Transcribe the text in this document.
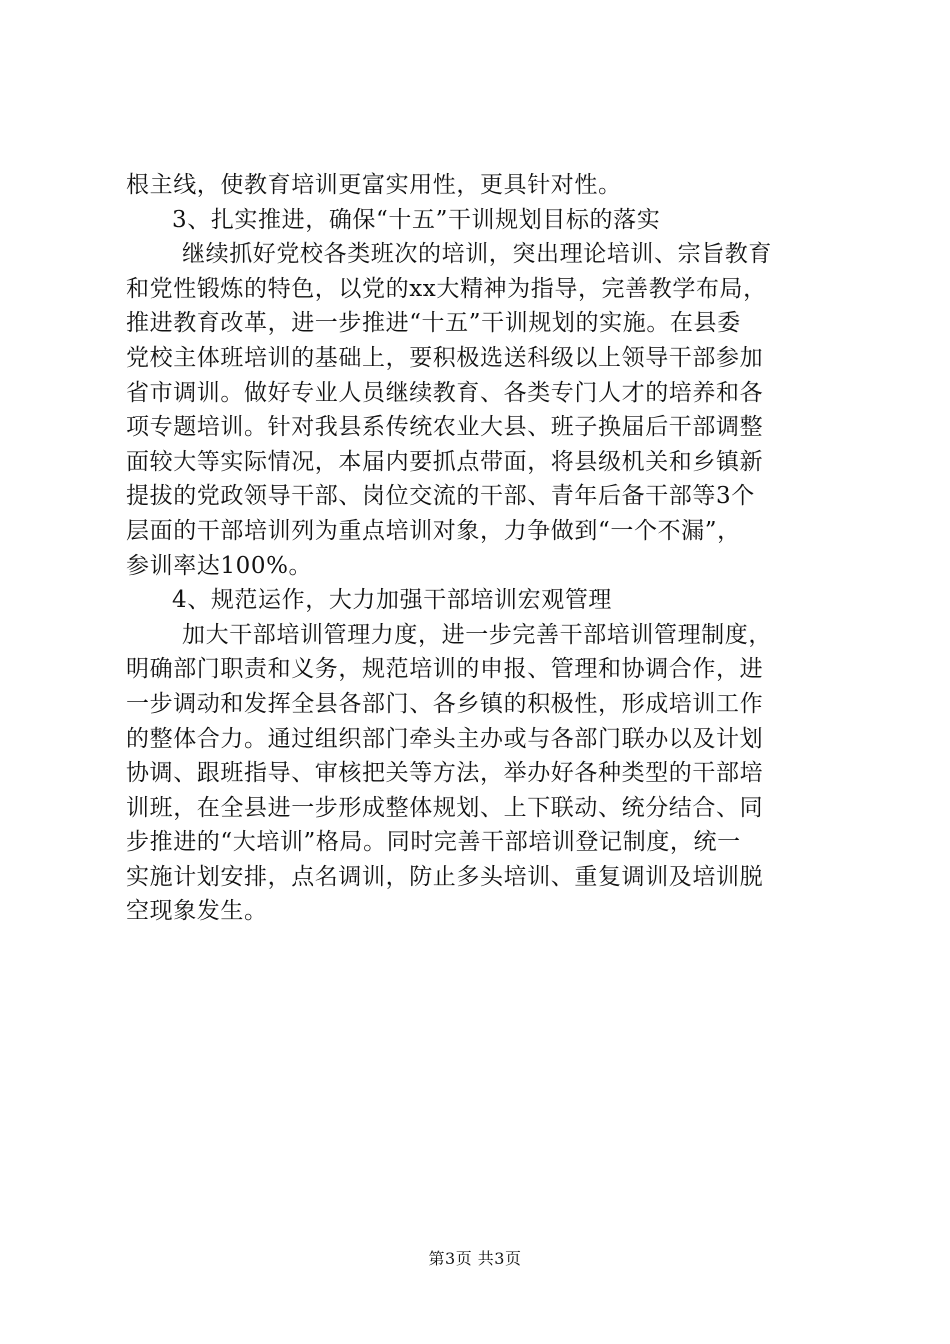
根主线，使教育培训更富实用性，更具针对性。
3、扎实推进，确保“十五”干训规划目标的落实
继续抓好党校各类班次的培训，突出理论培训、宗旨教育
和党性锻炼的特色，以党的xx大精神为指导，完善教学布局，
推进教育改革，进一步推进“十五”干训规划的实施。在县委
党校主体班培训的基础上，要积极选送科级以上领导干部参加
省市调训。做好专业人员继续教育、各类专门人才的培养和各
项专题培训。针对我县系传统农业大县、班子换届后干部调整
面较大等实际情况，本届内要抓点带面，将县级机关和乡镇新
提拔的党政领导干部、岗位交流的干部、青年后备干部等3个
层面的干部培训列为重点培训对象，力争做到“一个不漏”，
参训率达100%。
4、规范运作，大力加强干部培训宏观管理
加大干部培训管理力度，进一步完善干部培训管理制度，
明确部门职责和义务，规范培训的申报、管理和协调合作，进
一步调动和发挥全县各部门、各乡镇的积极性，形成培训工作
的整体合力。通过组织部门牵头主办或与各部门联办以及计划
协调、跟班指导、审核把关等方法，举办好各种类型的干部培
训班，在全县进一步形成整体规划、上下联动、统分结合、同
步推进的“大培训”格局。同时完善干部培训登记制度，统一
实施计划安排，点名调训，防止多头培训、重复调训及培训脱
空现象发生。
第3页 共3页
